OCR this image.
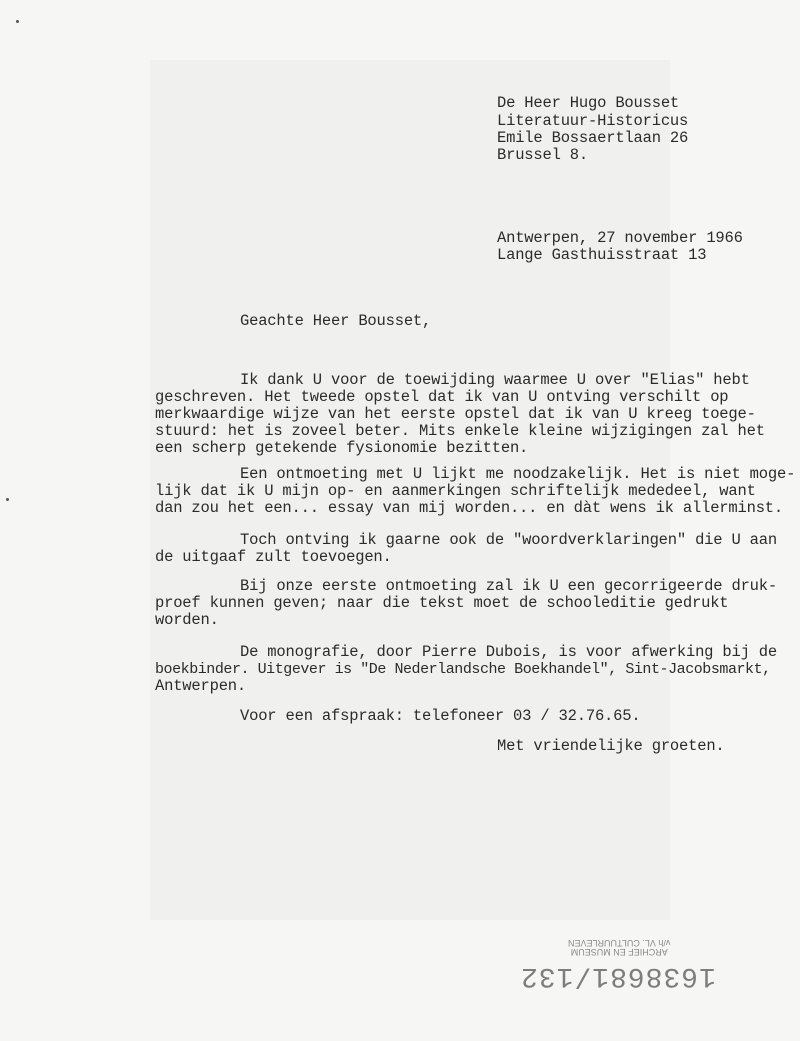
De Heer Hugo Bousset
Literatuur-Historicus
Emile Bossaertlaan 26
Brussel 8.
Antwerpen, 27 november 1966
Lange Gasthuisstraat 13
Geachte Heer Bousset,
Ik dank U voor de toewijding waarmee U over "Elias" hebt
geschreven. Het tweede opstel dat ik van U ontving verschilt op
merkwaardige wijze van het eerste opstel dat ik van U kreeg toege-
stuurd: het is zoveel beter. Mits enkele kleine wijzigingen zal het
een scherp getekende fysionomie bezitten.
Een ontmoeting met U lijkt me noodzakelijk. Het is niet moge-
lijk dat ik U mijn op- en aanmerkingen schriftelijk mededeel, want
dan zou het een... essay van mij worden... en dàt wens ik allerminst.
Toch ontving ik gaarne ook de "woordverklaringen" die U aan
de uitgaaf zult toevoegen.
Bij onze eerste ontmoeting zal ik U een gecorrigeerde druk-
proef kunnen geven; naar die tekst moet de schooleditie gedrukt
worden.
De monografie, door Pierre Dubois, is voor afwerking bij de
boekbinder. Uitgever is "De Nederlandsche Boekhandel", Sint-Jacobsmarkt,
Antwerpen.
Voor een afspraak: telefoneer 03 / 32.76.65.
Met vriendelijke groeten.
ARCHIEF EN MUSEUM
v/h VL. CULTUURLEVEN
1638681/132
